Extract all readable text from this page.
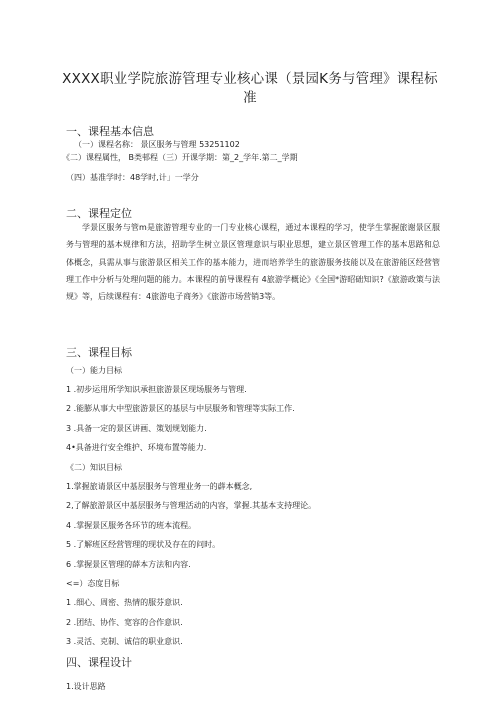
XXXX职业学院旅游管理专业核心课（景园K务与管理》课程标准
一、课程基本信息
（一）课程名称： 景区服务与管理 53251102
《二）课程属性， B类邨程（三）开课学期：第_2_学年.第二_学期
（四）基准学时：48学时,计」一学分
二、课程定位

学景区服务与管m是旅游管理专业的一门专业核心课程，通过本课程的学习，使学生掌握旅谢景区服务与管理的基本规律和方法，招助学生树立景区管理意识与职业思想，建立景区管理工作的基本思路和总体概念，具需从事与旅游景区相关工作的基本能力，进而培养学生的旅游服务技能以及在旅游能区经营管理工作中分析与处理问题的能力。本课程的前导课程有 4旅游学概论》《全国*游昭础知识?《旅游政策与法规》等，后续课程有：4旅游电子商务》《旅游市场营销3等。

三、课程目标
（一）能力目标
1 .初步运用所学知识承担旅游景区现场服务与管理.
2 .能膨从事大中型旅游景区的基层与中层服务和管理等实际工作.
3 .具备一定的景区讲画、策划规划能力.
4•具备进行安全维护、环境布置等能力.
《二）知识目标
1.掌握旅请景区中基层服务与管理业务一的薜本概念,
2,了解旅游景区中基层服务与管理活动的内容，掌握.其基本支持理论。
4 .掌握景区服务各环节的班本流程。
5 .了解班区经营管理的现状及存在的问时。
6 .掌握景区管理的薛本方法和内容.
<=）态度目标
1 .细心、周密、热情的服芬意识.
2 .团结、协作、宽容的合作意识.
3 .灵活、克制、诚信的职业意识.
四、课程设计
1.设计思路
